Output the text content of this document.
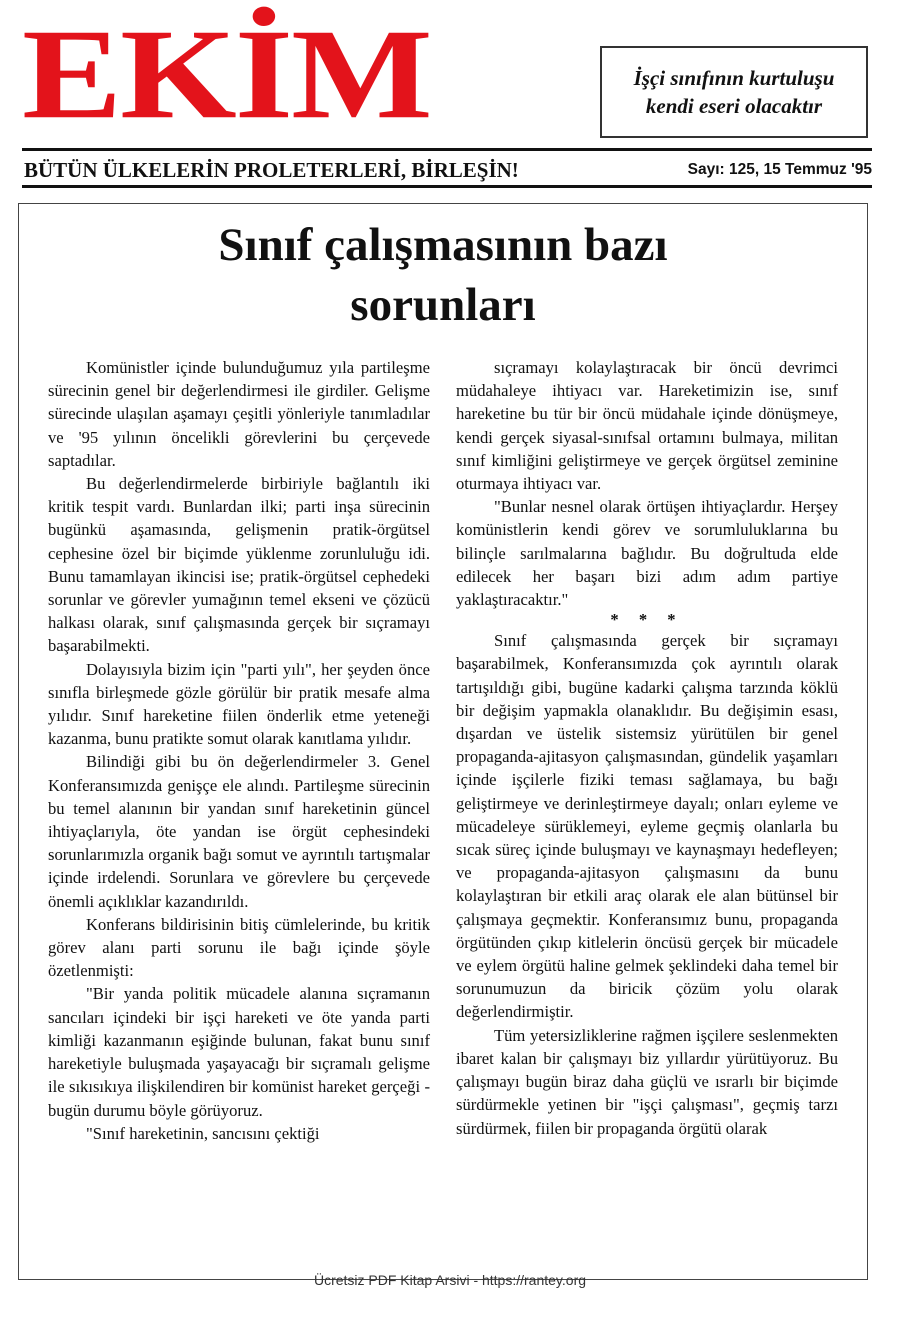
EKİM	İşçi sınıfının kurtuluşu
kendi eseri olacaktır
BÜTÜN ÜLKELERİN PROLETERLERİ, BİRLEŞİN!	Sayı: 125, 15 Temmuz '95
Sınıf çalışmasının bazı
sorunları

Komünistler içinde bulunduğumuz yıla partileşme sürecinin genel bir değerlendirmesi ile girdiler. Gelişme sürecinde ulaşılan aşamayı çeşitli yönleriyle tanımladılar ve '95 yılının öncelikli görevlerini bu çerçevede saptadılar.

Bu değerlendirmelerde birbiriyle bağlantılı iki kritik tespit vardı. Bunlardan ilki; parti inşa sürecinin bugünkü aşamasında, gelişmenin pratik-örgütsel cephesine özel bir biçimde yüklenme zorunluluğu idi. Bunu tamamlayan ikincisi ise; pratik-örgütsel cephedeki sorunlar ve görevler yumağının temel ekseni ve çözücü halkası olarak, sınıf çalışmasında gerçek bir sıçramayı başarabilmekti.

Dolayısıyla bizim için "parti yılı", her şeyden önce sınıfla birleşmede gözle görülür bir pratik mesafe alma yılıdır. Sınıf hareketine fiilen önderlik etme yeteneği kazanma, bunu pratikte somut olarak kanıtlama yılıdır.

Bilindiği gibi bu ön değerlendirmeler 3. Genel Konferansımızda genişçe ele alındı. Partileşme sürecinin bu temel alanının bir yandan sınıf hareketinin güncel ihtiyaçlarıyla, öte yandan ise örgüt cephesindeki sorunlarımızla organik bağı somut ve ayrıntılı tartışmalar içinde irdelendi. Sorunlara ve görevlere bu çerçevede önemli açıklıklar kazandırıldı.

Konferans bildirisinin bitiş cümlelerinde, bu kritik görev alanı parti sorunu ile bağı içinde şöyle özetlenmişti:

"Bir yanda politik mücadele alanına sıçramanın sancıları içindeki bir işçi hareketi ve öte yanda parti kimliği kazanmanın eşiğinde bulunan, fakat bunu sınıf hareketiyle buluşmada yaşayacağı bir sıçramalı gelişme ile sıkısıkıya ilişkilendiren bir komünist hareket gerçeği -bugün durumu böyle görüyoruz.

"Sınıf hareketinin, sancısını çektiği

sıçramayı kolaylaştıracak bir öncü devrimci müdahaleye ihtiyacı var. Hareketimizin ise, sınıf hareketine bu tür bir öncü müdahale içinde dönüşmeye, kendi gerçek siyasal-sınıfsal ortamını bulmaya, militan sınıf kimliğini geliştirmeye ve gerçek örgütsel zeminine oturmaya ihtiyacı var.

"Bunlar nesnel olarak örtüşen ihtiyaçlardır. Herşey komünistlerin kendi görev ve sorumluluklarına bu bilinçle sarılmalarına bağlıdır. Bu doğrultuda elde edilecek her başarı bizi adım adım partiye yaklaştıracaktır."

* * *

Sınıf çalışmasında gerçek bir sıçramayı başarabilmek, Konferansımızda çok ayrıntılı olarak tartışıldığı gibi, bugüne kadarki çalışma tarzında köklü bir değişim yapmakla olanaklıdır. Bu değişimin esası, dışardan ve üstelik sistemsiz yürütülen bir genel propaganda-ajitasyon çalışmasından, gündelik yaşamları içinde işçilerle fiziki teması sağlamaya, bu bağı geliştirmeye ve derinleştirmeye dayalı; onları eyleme ve mücadeleye sürüklemeyi, eyleme geçmiş olanlarla bu sıcak süreç içinde buluşmayı ve kaynaşmayı hedefleyen; ve propaganda-ajitasyon çalışmasını da bunu kolaylaştıran bir etkili araç olarak ele alan bütünsel bir çalışmaya geçmektir. Konferansımız bunu, propaganda örgütünden çıkıp kitlelerin öncüsü gerçek bir mücadele ve eylem örgütü haline gelmek şeklindeki daha temel bir sorunumuzun da biricik çözüm yolu olarak değerlendirmiştir.

Tüm yetersizliklerine rağmen işçilere seslenmekten ibaret kalan bir çalışmayı biz yıllardır yürütüyoruz. Bu çalışmayı bugün biraz daha güçlü ve ısrarlı bir biçimde sürdürmekle yetinen bir "işçi çalışması", geçmiş tarzı sürdürmek, fiilen bir propaganda örgütü olarak

Ücretsiz PDF Kitap Arsivi - https://rantey.org
